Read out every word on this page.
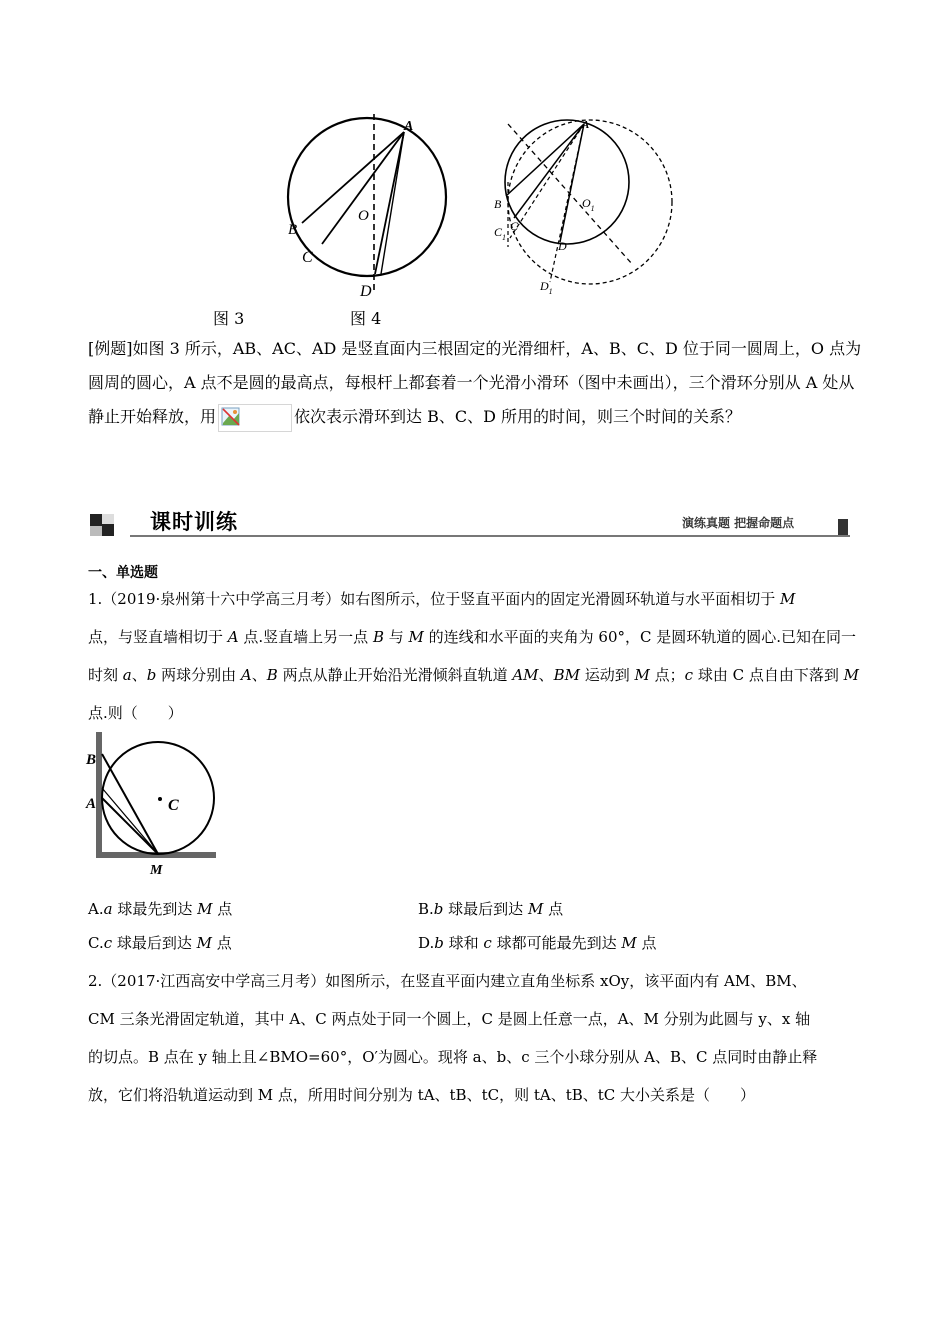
A
B
C
D
O
A
B
C
$C_1$
D
$D_1$
$O_1$
图 3	图 4
[例题]如图 3 所示，AB、AC、AD 是竖直面内三根固定的光滑细杆，A、B、C、D 位于同一圆周上，O 点为圆周的圆心，A 点不是圆的最高点，每根杆上都套着一个光滑小滑环（图中未画出），三个滑环分别从 A 处从静止开始释放，用	依次表示滑环到达 B、C、D 所用的时间，则三个时间的关系？
课时训练	演练真题 把握命题点
一、单选题
1.（2019·泉州第十六中学高三月考）如右图所示，位于竖直平面内的固定光滑圆环轨道与水平面相切于 M
点，与竖直墙相切于 A 点.竖直墙上另一点 B 与 M 的连线和水平面的夹角为 60°，C 是圆环轨道的圆心.已知在同一时刻 a、b 两球分别由 A、B 两点从静止开始沿光滑倾斜直轨道 AM、BM 运动到 M 点；c 球由 C 点自由下落到 M 点.则（　　）
B
A	C
M
A.a 球最先到达 M 点	B.b 球最后到达 M 点
C.c 球最后到达 M 点	D.b 球和 c 球都可能最先到达 M 点
2.（2017·江西高安中学高三月考）如图所示，在竖直平面内建立直角坐标系 xOy，该平面内有 AM、BM、
CM 三条光滑固定轨道，其中 A、C 两点处于同一个圆上，C 是圆上任意一点，A、M 分别为此圆与 y、x 轴
的切点。B 点在 y 轴上且∠BMO=60°，O′为圆心。现将 a、b、c 三个小球分别从 A、B、C 点同时由静止释
放，它们将沿轨道运动到 M 点，所用时间分别为 tA、tB、tC，则 tA、tB、tC 大小关系是（　　）
